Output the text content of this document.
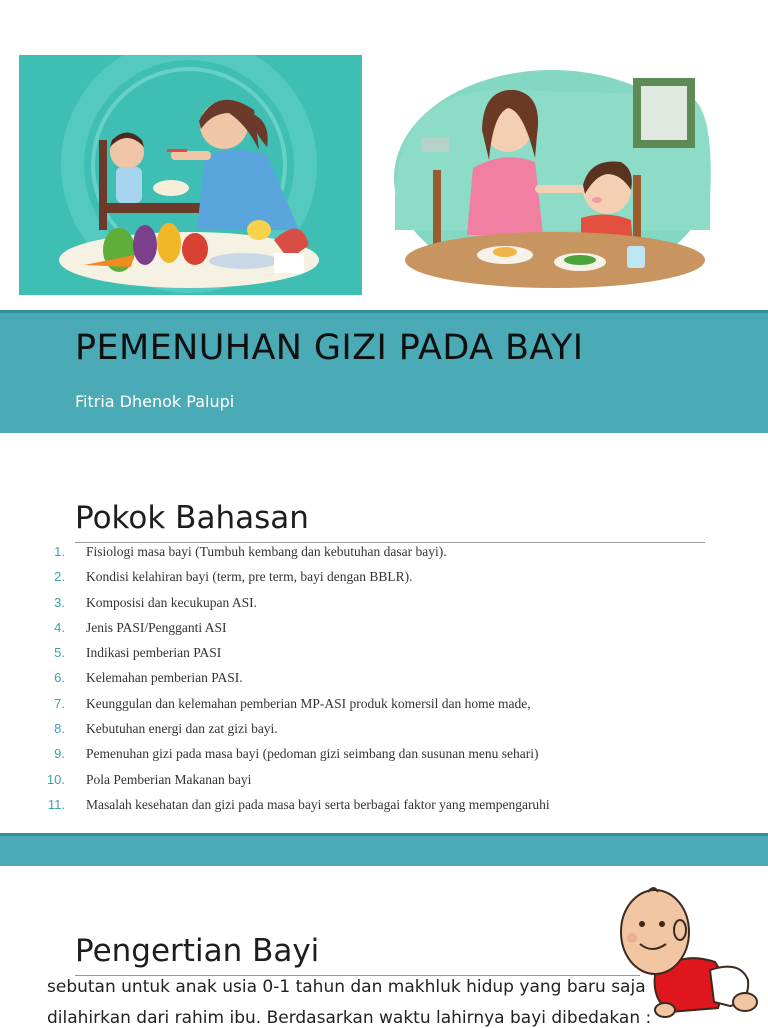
PEMENUHAN GIZI PADA BAYI
Fitria Dhenok Palupi
Pokok Bahasan
1. Fisiologi masa bayi (Tumbuh kembang dan kebutuhan dasar bayi).
2. Kondisi kelahiran bayi (term, pre term, bayi dengan BBLR).
3. Komposisi dan kecukupan ASI.
4. Jenis PASI/Pengganti ASI
5. Indikasi pemberian PASI
6. Kelemahan pemberian PASI.
7. Keunggulan dan kelemahan pemberian MP-ASI produk komersil dan home made,
8. Kebutuhan energi dan zat gizi bayi.
9. Pemenuhan gizi pada masa bayi (pedoman gizi seimbang dan susunan menu sehari)
10. Pola Pemberian Makanan bayi
11. Masalah kesehatan dan gizi pada masa bayi serta berbagai faktor yang mempengaruhi
Pengertian Bayi
sebutan untuk anak usia 0-1 tahun dan makhluk hidup yang baru saja
dilahirkan dari rahim ibu. Berdasarkan waktu lahirnya bayi dibedakan :
